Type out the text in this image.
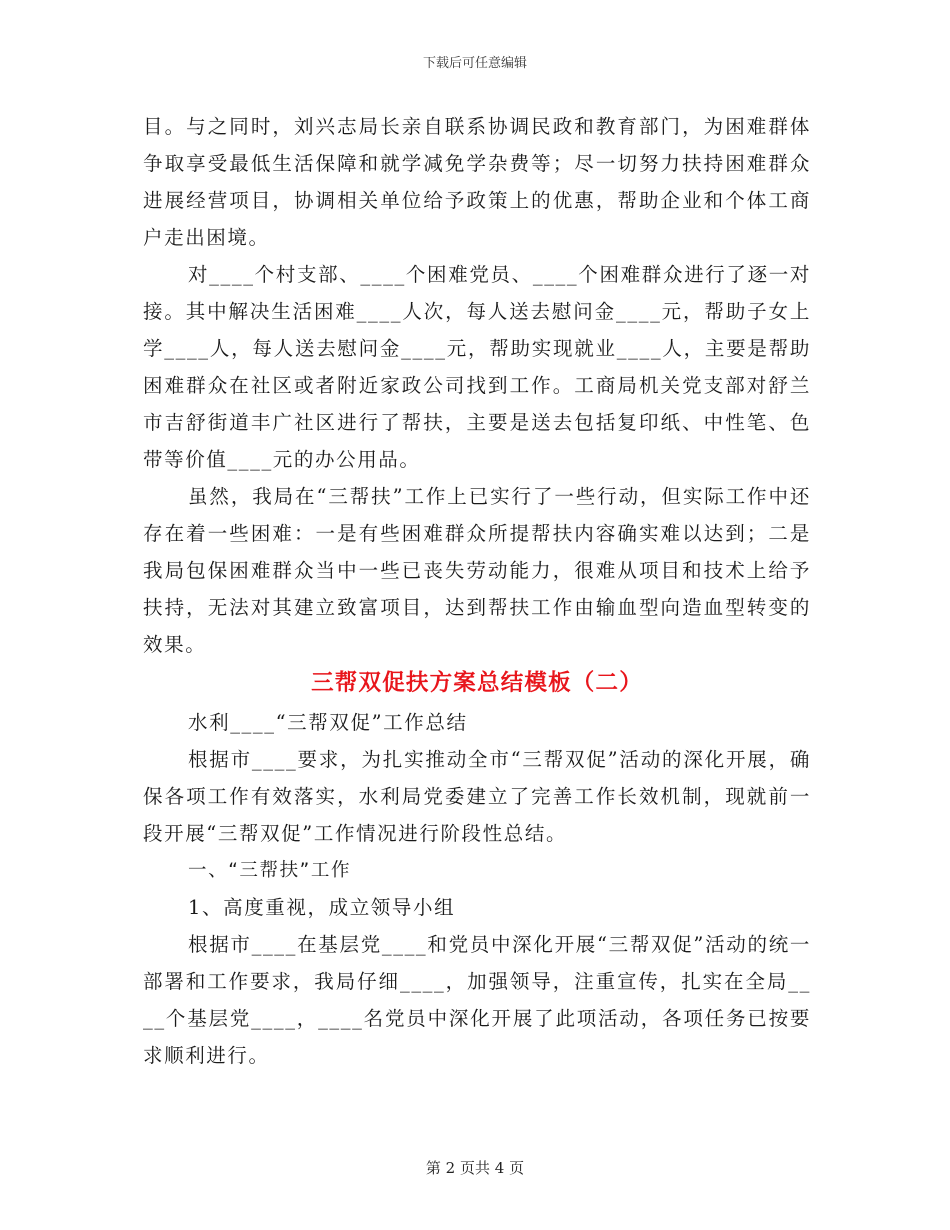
下载后可任意编辑

目。与之同时，刘兴志局长亲自联系协调民政和教育部门，为困难群体争取享受最低生活保障和就学减免学杂费等；尽一切努力扶持困难群众进展经营项目，协调相关单位给予政策上的优惠，帮助企业和个体工商户走出困境。

对____个村支部、____个困难党员、____个困难群众进行了逐一对接。其中解决生活困难____人次，每人送去慰问金____元，帮助子女上学____人，每人送去慰问金____元，帮助实现就业____人，主要是帮助困难群众在社区或者附近家政公司找到工作。工商局机关党支部对舒兰市吉舒街道丰广社区进行了帮扶，主要是送去包括复印纸、中性笔、色带等价值____元的办公用品。

虽然，我局在“三帮扶”工作上已实行了一些行动，但实际工作中还存在着一些困难：一是有些困难群众所提帮扶内容确实难以达到；二是我局包保困难群众当中一些已丧失劳动能力，很难从项目和技术上给予扶持，无法对其建立致富项目，达到帮扶工作由输血型向造血型转变的效果。

三帮双促扶方案总结模板（二）

水利____“三帮双促”工作总结

根据市____要求，为扎实推动全市“三帮双促”活动的深化开展，确保各项工作有效落实，水利局党委建立了完善工作长效机制，现就前一段开展“三帮双促”工作情况进行阶段性总结。

一、“三帮扶”工作

1、高度重视，成立领导小组

根据市____在基层党____和党员中深化开展“三帮双促”活动的统一部署和工作要求，我局仔细____，加强领导，注重宣传，扎实在全局____个基层党____，____名党员中深化开展了此项活动，各项任务已按要求顺利进行。

第 2 页共 4 页
